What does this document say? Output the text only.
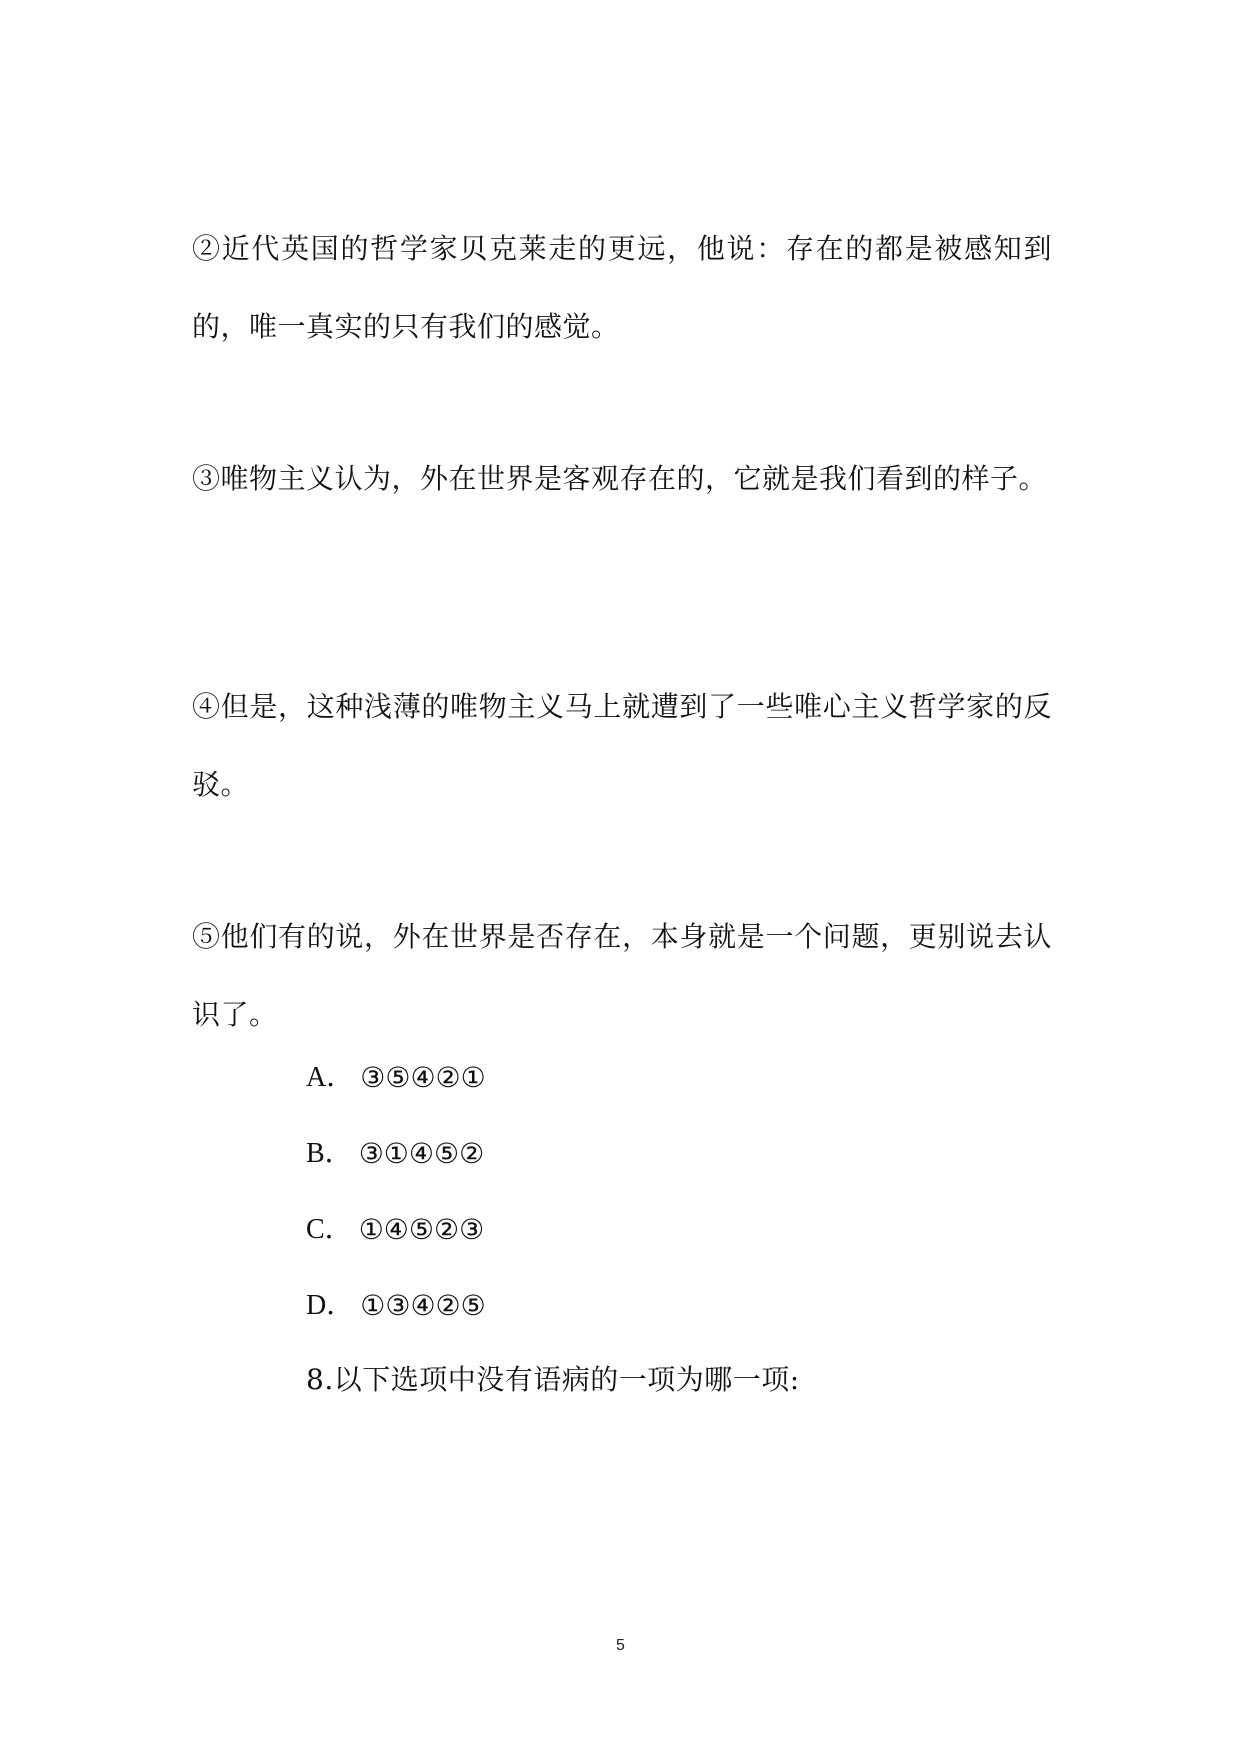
②近代英国的哲学家贝克莱走的更远，他说：存在的都是被感知到的，唯一真实的只有我们的感觉。

③唯物主义认为，外在世界是客观存在的，它就是我们看到的样子。

④但是，这种浅薄的唯物主义马上就遭到了一些唯心主义哲学家的反驳。

⑤他们有的说，外在世界是否存在，本身就是一个问题，更别说去认识了。

A． ③⑤④②①
B． ③①④⑤②
C． ①④⑤②③
D． ①③④②⑤
8.以下选项中没有语病的一项为哪一项:
5
